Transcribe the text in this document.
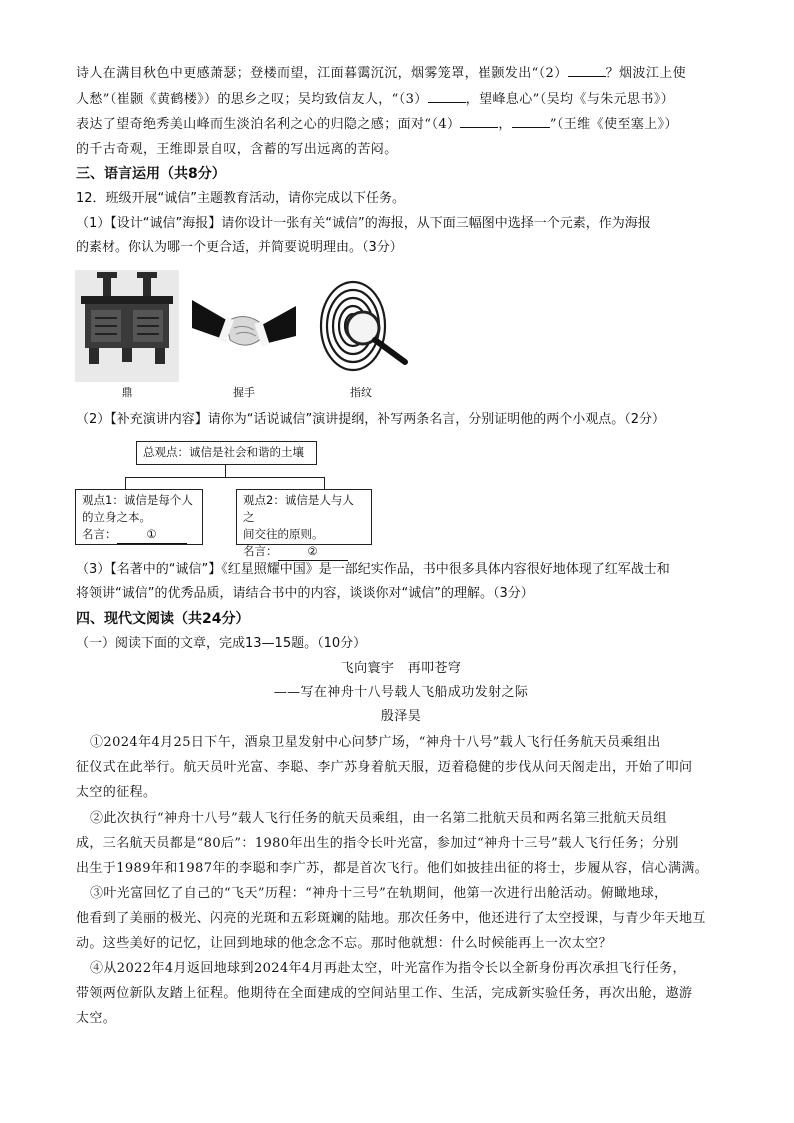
诗人在满目秋色中更感萧瑟；登楼而望，江面暮霭沉沉，烟雾笼罩，崔颢发出“（2）	？烟波江上使
人愁”（崔颢《黄鹤楼》）的思乡之叹；吴均致信友人，“（3）	，望峰息心”（吴均《与朱元思书》）
表达了望奇绝秀美山峰而生淡泊名利之心的归隐之感；面对“（4）	，	”（王维《使至塞上》）
的千古奇观，王维即景自叹，含蓄的写出远离的苦闷。
三、语言运用（共8分）
12．班级开展“诚信”主题教育活动，请你完成以下任务。
（1）【设计“诚信”海报】请你设计一张有关“诚信”的海报，从下面三幅图中选择一个元素，作为海报
的素材。你认为哪一个更合适，并简要说明理由。（3分）
鼎	握手	指纹
（2）【补充演讲内容】请你为“话说诚信”演讲提纲，补写两条名言，分别证明他的两个小观点。（2分）
总观点：诚信是社会和谐的土壤
观点1：诚信是每个人
的立身之本。
名言：	①
观点2：诚信是人与人之
间交往的原则。
名言：	②
（3）【名著中的“诚信”】《红星照耀中国》是一部纪实作品，书中很多具体内容很好地体现了红军战士和
将领讲“诚信”的优秀品质，请结合书中的内容，谈谈你对“诚信”的理解。（3分）
四、现代文阅读（共24分）
（一）阅读下面的文章，完成13—15题。（10分）
飞向寰宇　再叩苍穹
——写在神舟十八号载人飞船成功发射之际
殷泽昊
①2024年4月25日下午，酒泉卫星发射中心问梦广场，“神舟十八号”载人飞行任务航天员乘组出
征仪式在此举行。航天员叶光富、李聪、李广苏身着航天服，迈着稳健的步伐从问天阁走出，开始了叩问
太空的征程。
②此次执行“神舟十八号”载人飞行任务的航天员乘组，由一名第二批航天员和两名第三批航天员组
成，三名航天员都是“80后”：1980年出生的指令长叶光富，参加过“神舟十三号”载人飞行任务；分别
出生于1989年和1987年的李聪和李广苏，都是首次飞行。他们如披挂出征的将士，步履从容，信心满满。
③叶光富回忆了自己的“飞天”历程：“神舟十三号”在轨期间，他第一次进行出舱活动。俯瞰地球，
他看到了美丽的极光、闪亮的光斑和五彩斑斓的陆地。那次任务中，他还进行了太空授课，与青少年天地互
动。这些美好的记忆，让回到地球的他念念不忘。那时他就想：什么时候能再上一次太空？
④从2022年4月返回地球到2024年4月再赴太空，叶光富作为指令长以全新身份再次承担飞行任务，
带领两位新队友踏上征程。他期待在全面建成的空间站里工作、生活，完成新实验任务，再次出舱，遨游
太空。
